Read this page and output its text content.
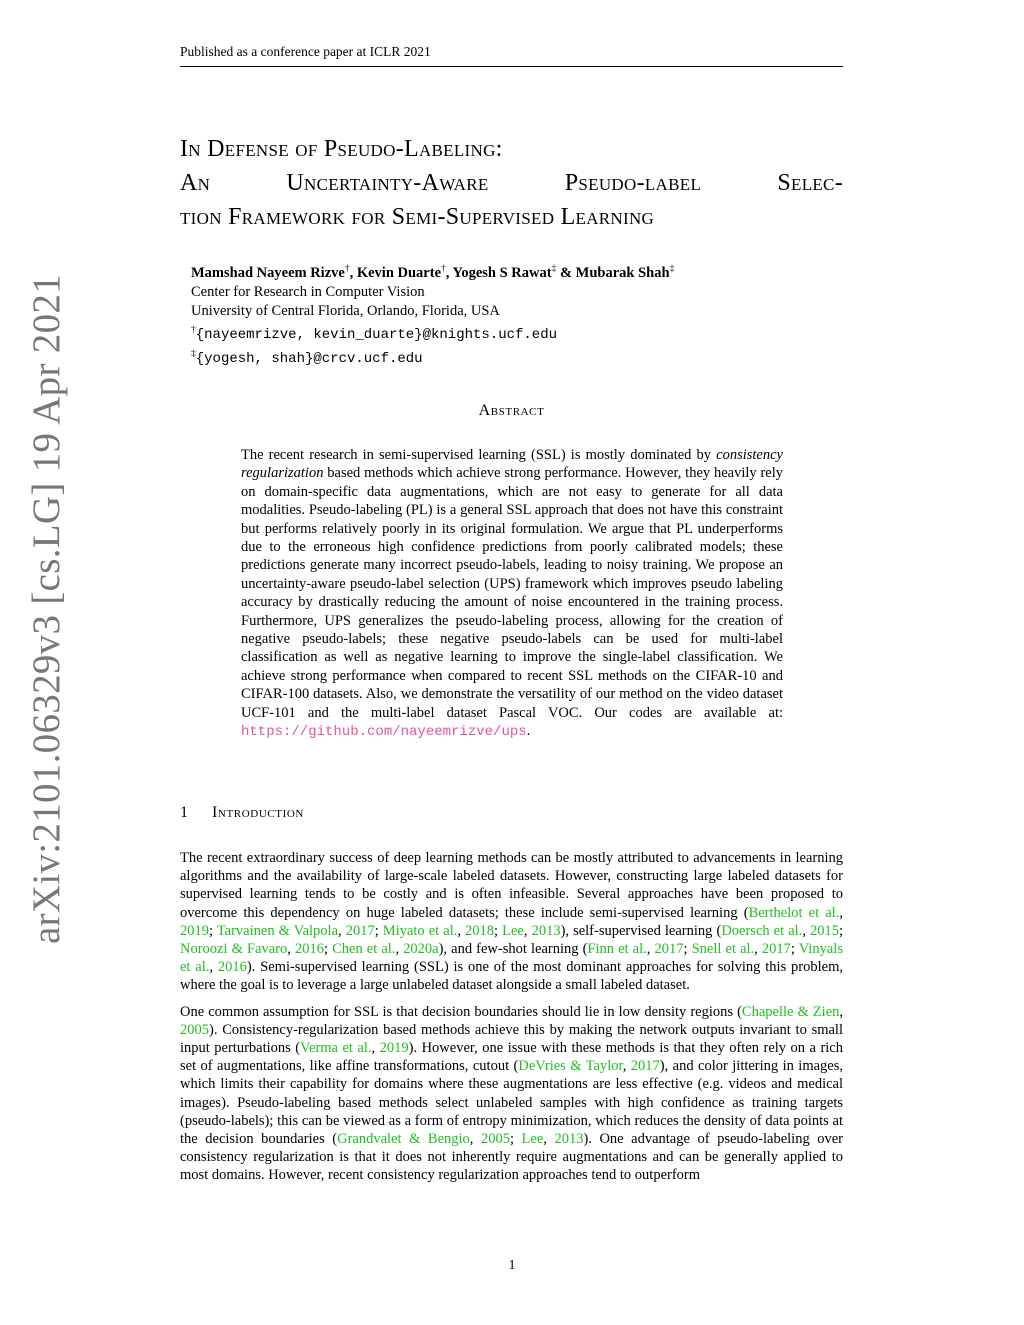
Published as a conference paper at ICLR 2021
arXiv:2101.06329v3 [cs.LG] 19 Apr 2021
In Defense of Pseudo-Labeling:
An	Uncertainty-Aware	Pseudo-label	Selec-
tion Framework for Semi-Supervised Learning
Mamshad Nayeem Rizve†, Kevin Duarte†, Yogesh S Rawat‡ & Mubarak Shah‡
Center for Research in Computer Vision
University of Central Florida, Orlando, Florida, USA
†{nayeemrizve, kevin_duarte}@knights.ucf.edu
‡{yogesh, shah}@crcv.ucf.edu
Abstract
The recent research in semi-supervised learning (SSL) is mostly dominated by consistency regularization based methods which achieve strong performance. However, they heavily rely on domain-specific data augmentations, which are not easy to generate for all data modalities. Pseudo-labeling (PL) is a general SSL approach that does not have this constraint but performs relatively poorly in its original formulation. We argue that PL underperforms due to the erroneous high confidence predictions from poorly calibrated models; these predictions generate many incorrect pseudo-labels, leading to noisy training. We propose an uncertainty-aware pseudo-label selection (UPS) framework which improves pseudo labeling accuracy by drastically reducing the amount of noise encountered in the training process. Furthermore, UPS generalizes the pseudo-labeling process, allowing for the creation of negative pseudo-labels; these negative pseudo-labels can be used for multi-label classification as well as negative learning to improve the single-label classification. We achieve strong performance when compared to recent SSL methods on the CIFAR-10 and CIFAR-100 datasets. Also, we demonstrate the versatility of our method on the video dataset UCF-101 and the multi-label dataset Pascal VOC. Our codes are available at: https://github.com/nayeemrizve/ups.
1 Introduction

The recent extraordinary success of deep learning methods can be mostly attributed to advancements in learning algorithms and the availability of large-scale labeled datasets. However, constructing large labeled datasets for supervised learning tends to be costly and is often infeasible. Several approaches have been proposed to overcome this dependency on huge labeled datasets; these include semi-supervised learning (Berthelot et al., 2019; Tarvainen & Valpola, 2017; Miyato et al., 2018; Lee, 2013), self-supervised learning (Doersch et al., 2015; Noroozi & Favaro, 2016; Chen et al., 2020a), and few-shot learning (Finn et al., 2017; Snell et al., 2017; Vinyals et al., 2016). Semi-supervised learning (SSL) is one of the most dominant approaches for solving this problem, where the goal is to leverage a large unlabeled dataset alongside a small labeled dataset.

One common assumption for SSL is that decision boundaries should lie in low density regions (Chapelle & Zien, 2005). Consistency-regularization based methods achieve this by making the network outputs invariant to small input perturbations (Verma et al., 2019). However, one issue with these methods is that they often rely on a rich set of augmentations, like affine transformations, cutout (DeVries & Taylor, 2017), and color jittering in images, which limits their capability for domains where these augmentations are less effective (e.g. videos and medical images). Pseudo-labeling based methods select unlabeled samples with high confidence as training targets (pseudo-labels); this can be viewed as a form of entropy minimization, which reduces the density of data points at the decision boundaries (Grandvalet & Bengio, 2005; Lee, 2013). One advantage of pseudo-labeling over consistency regularization is that it does not inherently require augmentations and can be generally applied to most domains. However, recent consistency regularization approaches tend to outperform

1
